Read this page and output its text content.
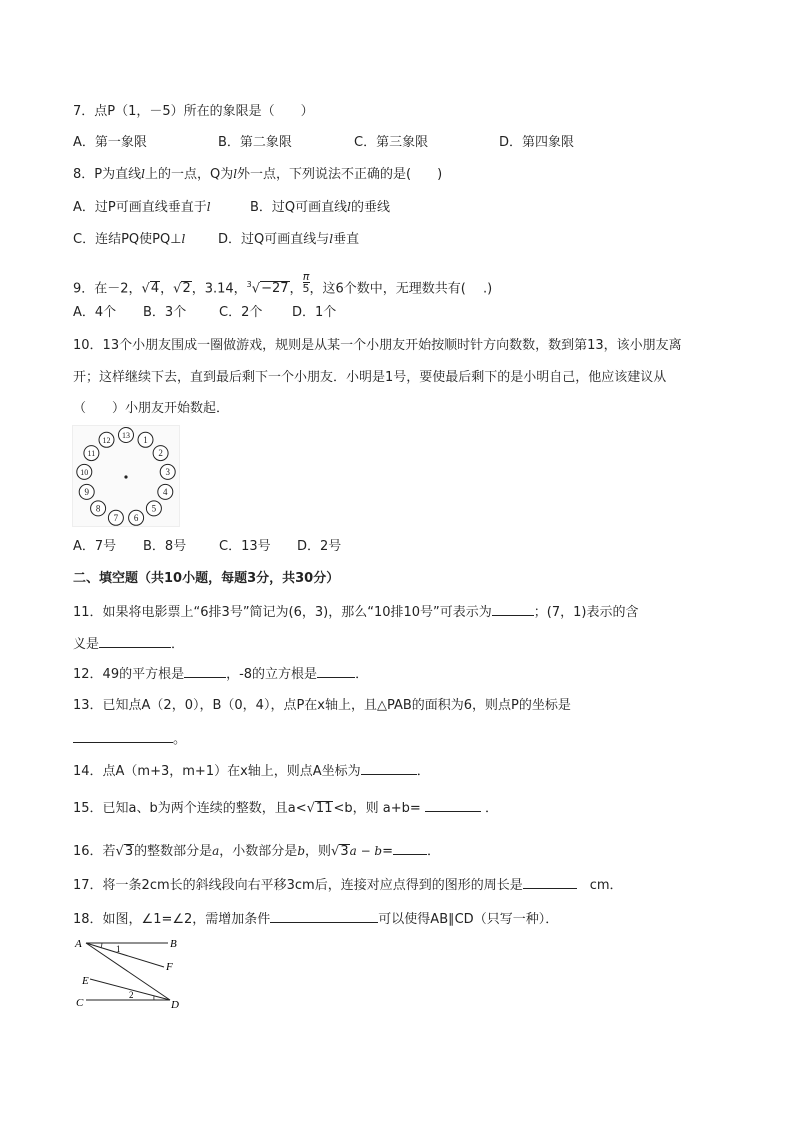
7．点P（1，－5）所在的象限是（　　）
A．第一象限	B．第二象限	C．第三象限	D．第四象限
8．P为直线l上的一点，Q为l外一点，下列说法不正确的是(　　)
A．过P可画直线垂直于l	B．过Q可画直线l的垂线
C．连结PQ使PQ⊥l	D．过Q可画直线与l垂直
9．在－2，√4，√2，3.14，$^3$√−27， $\frac{\pi}{5}$ ，这6个数中，无理数共有(　 .)
A．4个 B．3个	C．2个 D．1个
10．13个小朋友围成一圈做游戏，规则是从某一个小朋友开始按顺时针方向数数，数到第13，该小朋友离
开；这样继续下去，直到最后剩下一个小朋友．小明是1号，要使最后剩下的是小明自己，他应该建议从
（　　）小朋友开始数起．
13 1
2
3
4
5
6
7
8
9
10
11
12
A．7号 B．8号	C．13号 D．2号
二、填空题（共10小题，每题3分，共30分）
11．如果将电影票上“6排3号”简记为(6，3)，那么“10排10号”可表示为	；(7，1)表示的含
义是	．
12．49的平方根是	，-8的立方根是	．
13．已知点A（2，0），B（0，4），点P在x轴上，且△PAB的面积为6，则点P的坐标是
。
14．点A（m+3，m+1）在x轴上，则点A坐标为	．
15．已知a、b为两个连续的整数，且a<√11<b，则 a+b=	．
16．若√3的整数部分是a，小数部分是b，则√3a − b=	．
17．将一条2cm长的斜线段向右平移3cm后，连接对应点得到的图形的周长是　	cm．
18．如图，∠1=∠2，需增加条件	可以使得AB∥CD（只写一种）．
A	B
F
E
C	D
1
2
